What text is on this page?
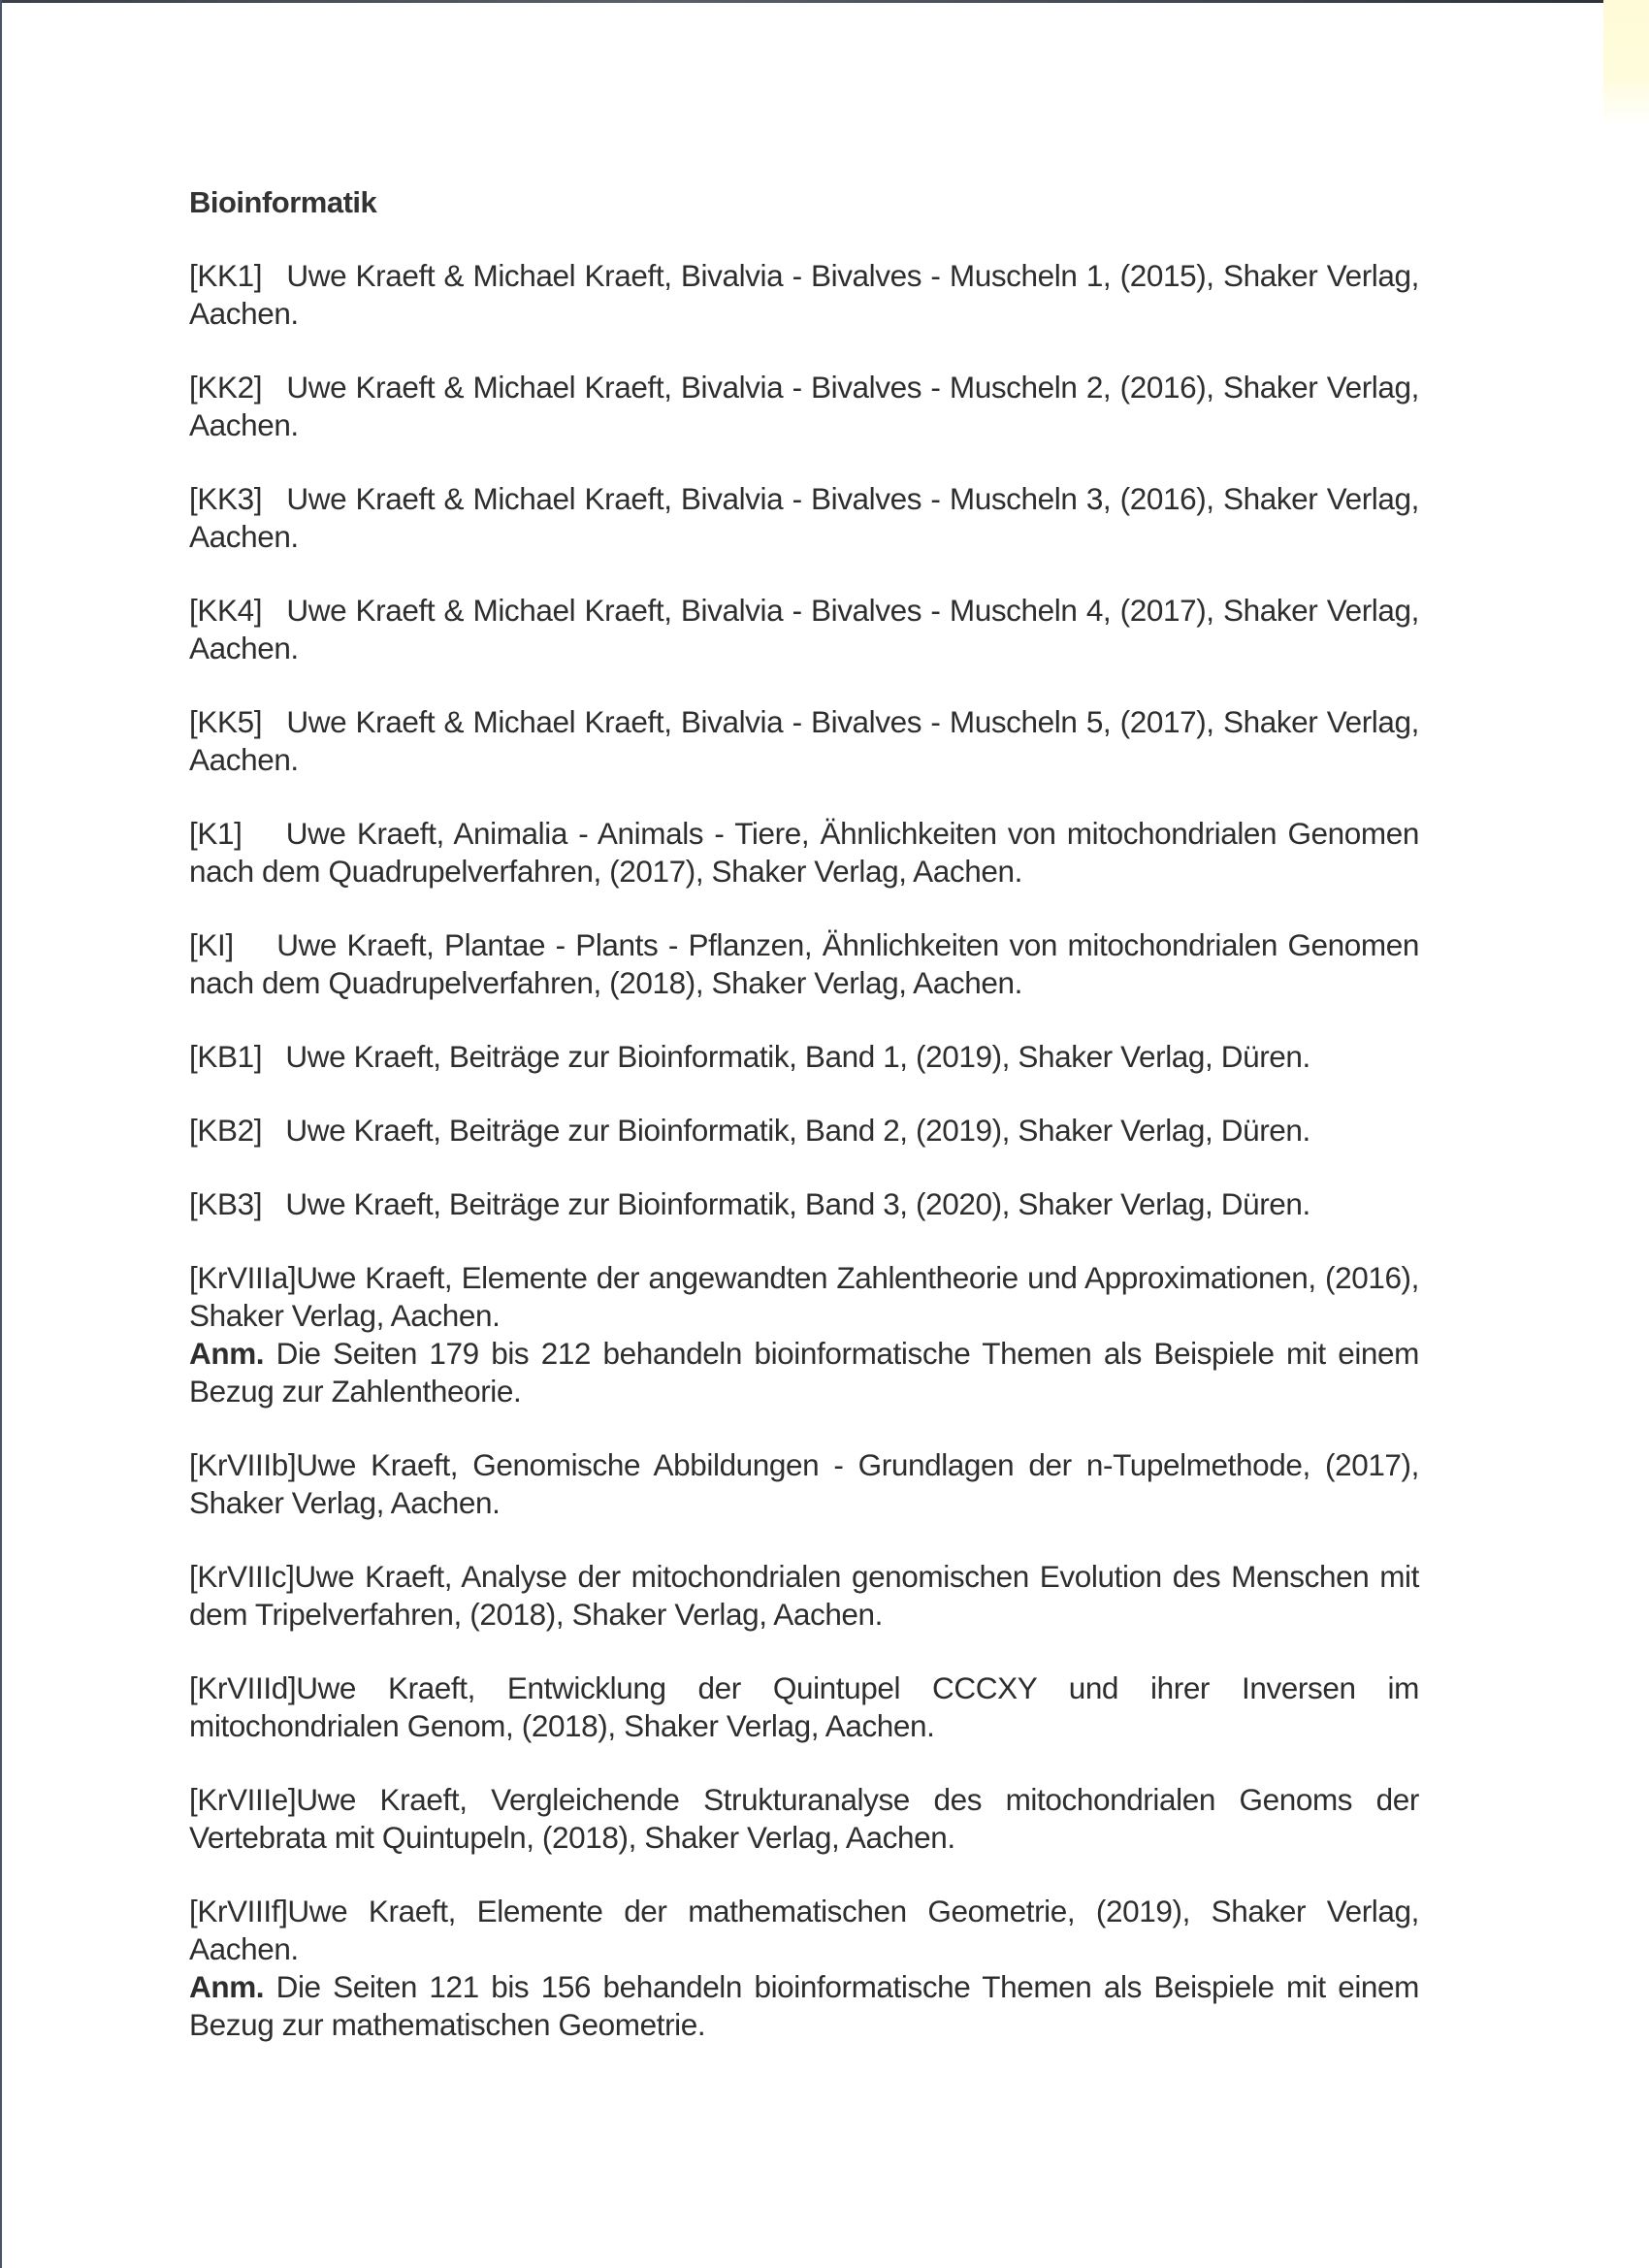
Bioinformatik
[KK1] Uwe Kraeft & Michael Kraeft, Bivalvia - Bivalves - Muscheln 1, (2015), Shaker Verlag, Aachen.
[KK2] Uwe Kraeft & Michael Kraeft, Bivalvia - Bivalves - Muscheln 2, (2016), Shaker Verlag, Aachen.
[KK3] Uwe Kraeft & Michael Kraeft, Bivalvia - Bivalves - Muscheln 3, (2016), Shaker Verlag, Aachen.
[KK4] Uwe Kraeft & Michael Kraeft, Bivalvia - Bivalves - Muscheln 4, (2017), Shaker Verlag, Aachen.
[KK5] Uwe Kraeft & Michael Kraeft, Bivalvia - Bivalves - Muscheln 5, (2017), Shaker Verlag, Aachen.
[K1] Uwe Kraeft, Animalia - Animals - Tiere, Ähnlichkeiten von mitochondrialen Genomen nach dem Quadrupelverfahren, (2017), Shaker Verlag, Aachen.
[KI] Uwe Kraeft, Plantae - Plants - Pflanzen, Ähnlichkeiten von mitochondrialen Genomen nach dem Quadrupelverfahren, (2018), Shaker Verlag, Aachen.
[KB1] Uwe Kraeft, Beiträge zur Bioinformatik, Band 1, (2019), Shaker Verlag, Düren.
[KB2] Uwe Kraeft, Beiträge zur Bioinformatik, Band 2, (2019), Shaker Verlag, Düren.
[KB3] Uwe Kraeft, Beiträge zur Bioinformatik, Band 3, (2020), Shaker Verlag, Düren.
[KrVIIIa]Uwe Kraeft, Elemente der angewandten Zahlentheorie und Approximationen, (2016), Shaker Verlag, Aachen.
Anm. Die Seiten 179 bis 212 behandeln bioinformatische Themen als Beispiele mit einem Bezug zur Zahlentheorie.
[KrVIIIb]Uwe Kraeft, Genomische Abbildungen - Grundlagen der n-Tupelmethode, (2017), Shaker Verlag, Aachen.
[KrVIIIc]Uwe Kraeft, Analyse der mitochondrialen genomischen Evolution des Menschen mit dem Tripelverfahren, (2018), Shaker Verlag, Aachen.
[KrVIIId]Uwe Kraeft, Entwicklung der Quintupel CCCXY und ihrer Inversen im mitochondrialen Genom, (2018), Shaker Verlag, Aachen.
[KrVIIIe]Uwe Kraeft, Vergleichende Strukturanalyse des mitochondrialen Genoms der Vertebrata mit Quintupeln, (2018), Shaker Verlag, Aachen.
[KrVIIIf]Uwe Kraeft, Elemente der mathematischen Geometrie, (2019), Shaker Verlag, Aachen.
Anm. Die Seiten 121 bis 156 behandeln bioinformatische Themen als Beispiele mit einem Bezug zur mathematischen Geometrie.
